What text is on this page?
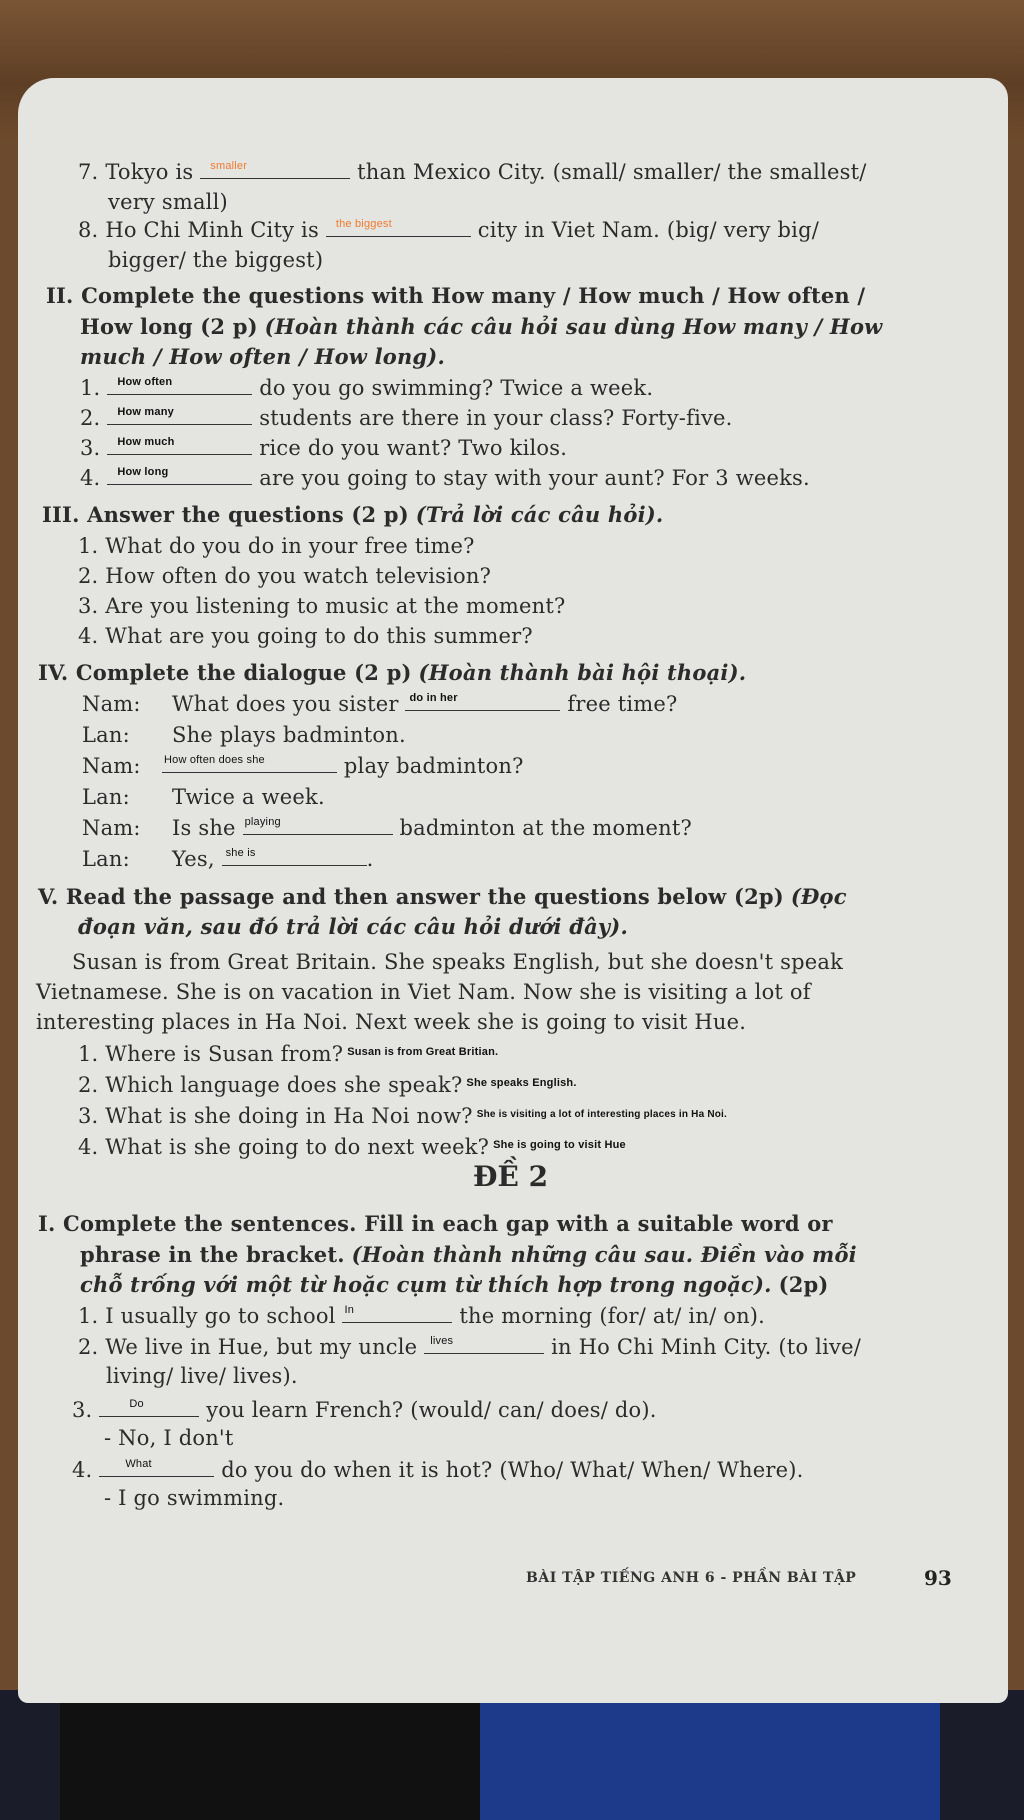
7. Tokyo is smaller	than Mexico City. (small/ smaller/ the smallest/
very small)
8. Ho Chi Minh City is the biggest	city in Viet Nam. (big/ very big/
bigger/ the biggest)
II. Complete the questions with How many / How much / How often /
How long (2 p) (Hoàn thành các câu hỏi sau dùng How many / How
much / How often / How long).
1. How often	do you go swimming? Twice a week.
2. How many	students are there in your class? Forty-five.
3. How much	rice do you want? Two kilos.
4. How long	are you going to stay with your aunt? For 3 weeks.
III. Answer the questions (2 p) (Trả lời các câu hỏi).
1. What do you do in your free time?
2. How often do you watch television?
3. Are you listening to music at the moment?
4. What are you going to do this summer?
IV. Complete the dialogue (2 p) (Hoàn thành bài hội thoại).
Nam: What does you sister do in her	free time?
Lan: She plays badminton.
Nam: How often does she	play badminton?
Lan: Twice a week.
Nam: Is she playing	badminton at the moment?
Lan: Yes, she is	.
V. Read the passage and then answer the questions below (2p) (Đọc
đoạn văn, sau đó trả lời các câu hỏi dưới đây).
Susan is from Great Britain. She speaks English, but she doesn't speak
Vietnamese. She is on vacation in Viet Nam. Now she is visiting a lot of
interesting places in Ha Noi. Next week she is going to visit Hue.
1. Where is Susan from? $^{Susan is from Great Britian.}$
2. Which language does she speak? $^{She speaks English.}$
3. What is she doing in Ha Noi now? $^{She is visiting a lot of interesting places in Ha Noi.}$
4. What is she going to do next week? $^{She is going to visit Hue}$
ĐỀ 2
I. Complete the sentences. Fill in each gap with a suitable word or
phrase in the bracket. (Hoàn thành những câu sau. Điền vào mỗi
chỗ trống với một từ hoặc cụm từ thích hợp trong ngoặc). (2p)
1. I usually go to school In	the morning (for/ at/ in/ on).
2. We live in Hue, but my uncle lives	in Ho Chi Minh City. (to live/
living/ live/ lives).
3.	Do	you learn French? (would/ can/ does/ do).
- No, I don't
4.	What	do you do when it is hot? (Who/ What/ When/ Where).
- I go swimming.
BÀI TẬP TIẾNG ANH 6 - PHẦN BÀI TẬP	93
